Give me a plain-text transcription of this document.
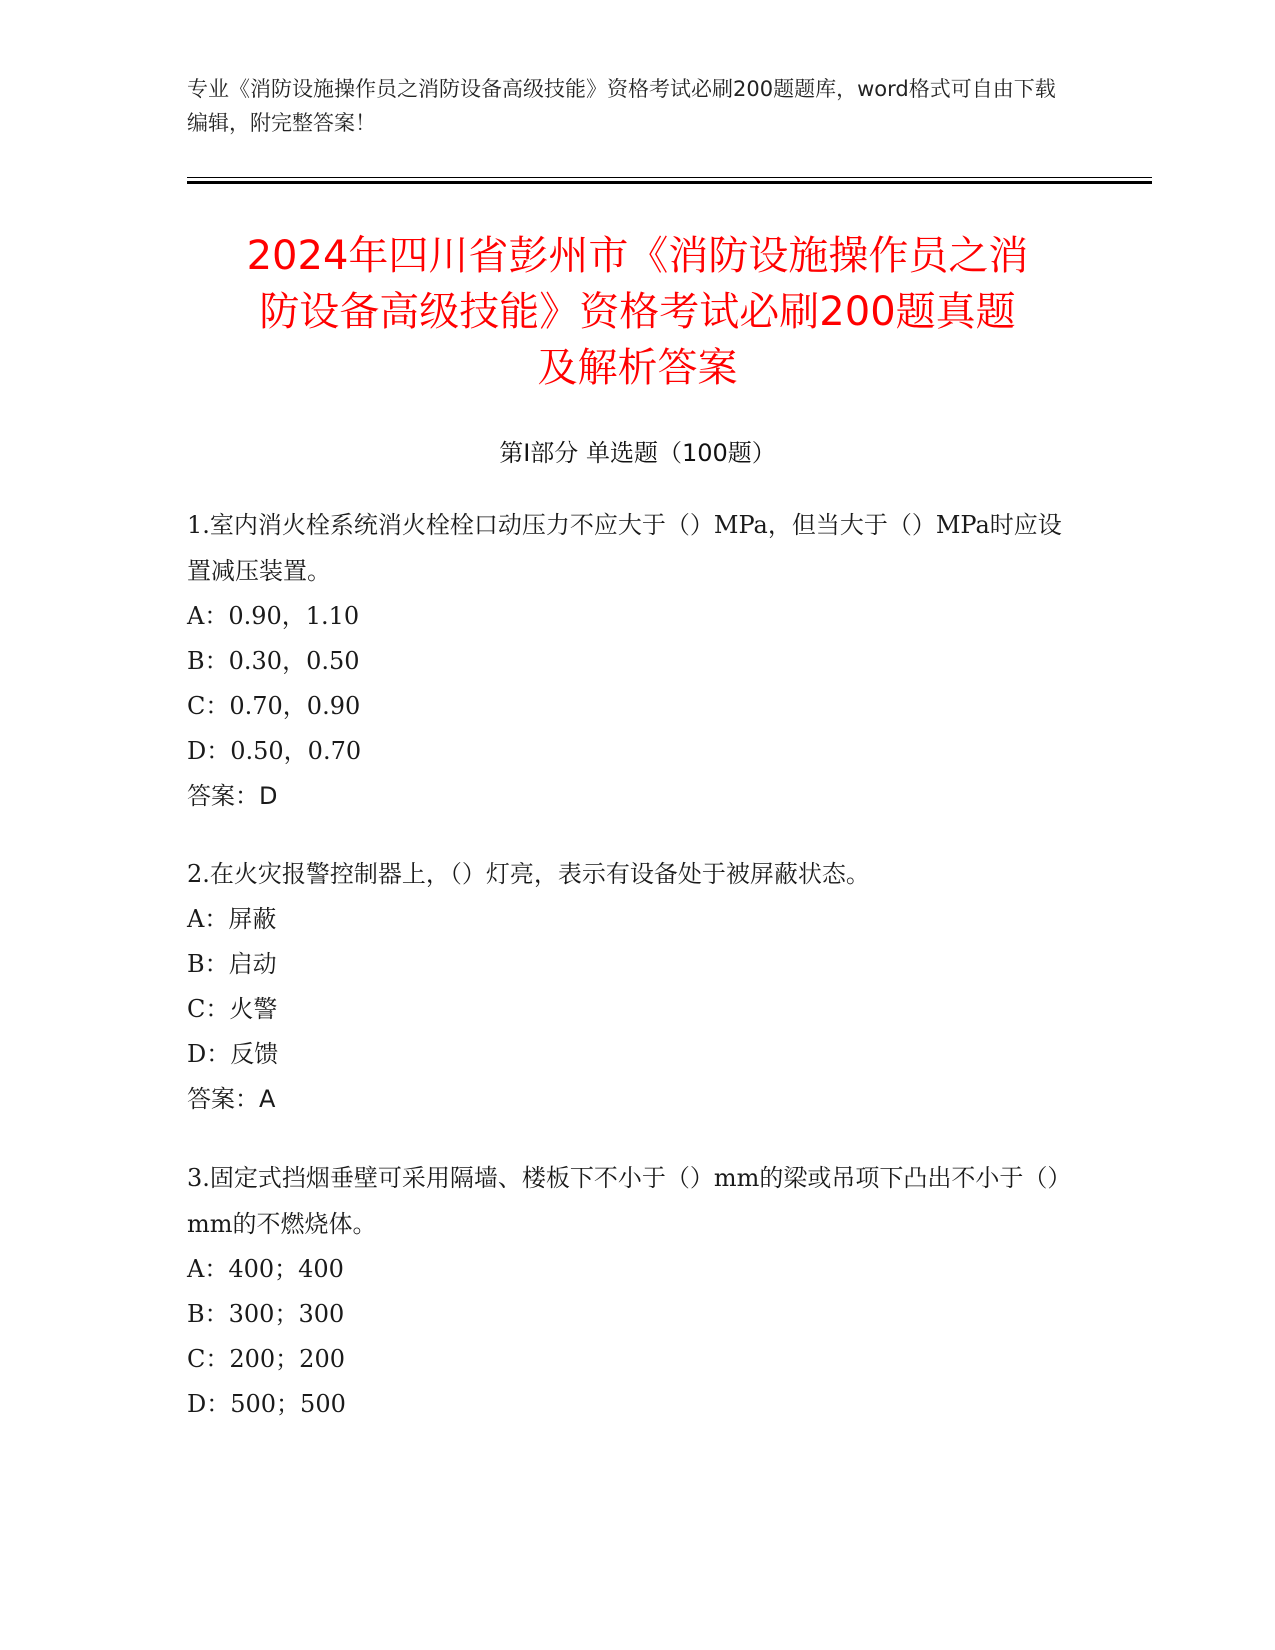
专业《消防设施操作员之消防设备高级技能》资格考试必刷200题题库，word格式可自由下载编辑，附完整答案！
2024年四川省彭州市《消防设施操作员之消
防设备高级技能》资格考试必刷200题真题
及解析答案
第I部分 单选题（100题）

1.室内消火栓系统消火栓栓口动压力不应大于（）MPa，但当大于（）MPa时应设置减压装置。

A：0.90，1.10

B：0.30，0.50

C：0.70，0.90

D：0.50，0.70

答案：D

2.在火灾报警控制器上，（）灯亮，表示有设备处于被屏蔽状态。

A：屏蔽

B：启动

C：火警

D：反馈

答案：A

3.固定式挡烟垂壁可采用隔墙、楼板下不小于（）mm的梁或吊项下凸出不小于（）mm的不燃烧体。

A：400；400

B：300；300

C：200；200

D：500；500
